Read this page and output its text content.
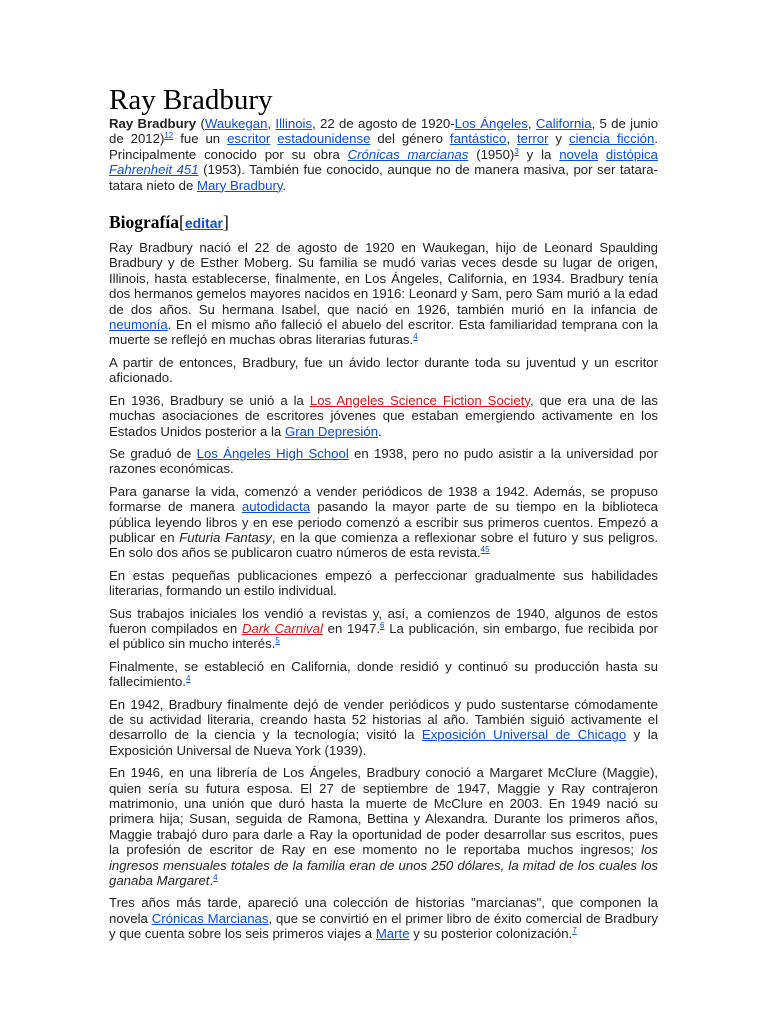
Ray Bradbury

Ray Bradbury (Waukegan, Illinois, 22 de agosto de 1920-Los Ángeles, California, 5 de junio de 2012)$^{12}$ fue un escritor estadounidense del género fantástico, terror y ciencia ficción. Principalmente conocido por su obra Crónicas marcianas (1950)$^3$ y la novela distópica Fahrenheit 451 (1953). También fue conocido, aunque no de manera masiva, por ser tatara-tatara nieto de Mary Bradbury.

Biografía[editar]

Ray Bradbury nació el 22 de agosto de 1920 en Waukegan, hijo de Leonard Spaulding Bradbury y de Esther Moberg. Su familia se mudó varias veces desde su lugar de origen, Illinois, hasta establecerse, finalmente, en Los Ángeles, California, en 1934. Bradbury tenía dos hermanos gemelos mayores nacidos en 1916: Leonard y Sam, pero Sam murió a la edad de dos años. Su hermana Isabel, que nació en 1926, también murió en la infancia de neumonía. En el mismo año falleció el abuelo del escritor. Esta familiaridad temprana con la muerte se reflejó en muchas obras literarias futuras.$^4$

A partir de entonces, Bradbury, fue un ávido lector durante toda su juventud y un escritor aficionado.

En 1936, Bradbury se unió a la Los Angeles Science Fiction Society, que era una de las muchas asociaciones de escritores jóvenes que estaban emergiendo activamente en los Estados Unidos posterior a la Gran Depresión.

Se graduó de Los Ángeles High School en 1938, pero no pudo asistir a la universidad por razones económicas.

Para ganarse la vida, comenzó a vender periódicos de 1938 a 1942. Además, se propuso formarse de manera autodidacta pasando la mayor parte de su tiempo en la biblioteca pública leyendo libros y en ese periodo comenzó a escribir sus primeros cuentos. Empezó a publicar en Futuria Fantasy, en la que comienza a reflexionar sobre el futuro y sus peligros. En solo dos años se publicaron cuatro números de esta revista.$^{45}$

En estas pequeñas publicaciones empezó a perfeccionar gradualmente sus habilidades literarias, formando un estilo individual.

Sus trabajos iniciales los vendió a revistas y, así, a comienzos de 1940, algunos de estos fueron compilados en Dark Carnival en 1947.$^6$ La publicación, sin embargo, fue recibida por el público sin mucho interés.$^5$

Finalmente, se estableció en California, donde residió y continuó su producción hasta su fallecimiento.$^4$

En 1942, Bradbury finalmente dejó de vender periódicos y pudo sustentarse cómodamente de su actividad literaria, creando hasta 52 historias al año. También siguió activamente el desarrollo de la ciencia y la tecnología; visitó la Exposición Universal de Chicago y la Exposición Universal de Nueva York (1939).

En 1946, en una librería de Los Ángeles, Bradbury conoció a Margaret McClure (Maggie), quien sería su futura esposa. El 27 de septiembre de 1947, Maggie y Ray contrajeron matrimonio, una unión que duró hasta la muerte de McClure en 2003. En 1949 nació su primera hija; Susan, seguida de Ramona, Bettina y Alexandra. Durante los primeros años, Maggie trabajó duro para darle a Ray la oportunidad de poder desarrollar sus escritos, pues la profesión de escritor de Ray en ese momento no le reportaba muchos ingresos; los ingresos mensuales totales de la familia eran de unos 250 dólares, la mitad de los cuales los ganaba Margaret.$^4$

Tres años más tarde, apareció una colección de historias "marcianas", que componen la novela Crónicas Marcianas, que se convirtió en el primer libro de éxito comercial de Bradbury y que cuenta sobre los seis primeros viajes a Marte y su posterior colonización.$^7$
